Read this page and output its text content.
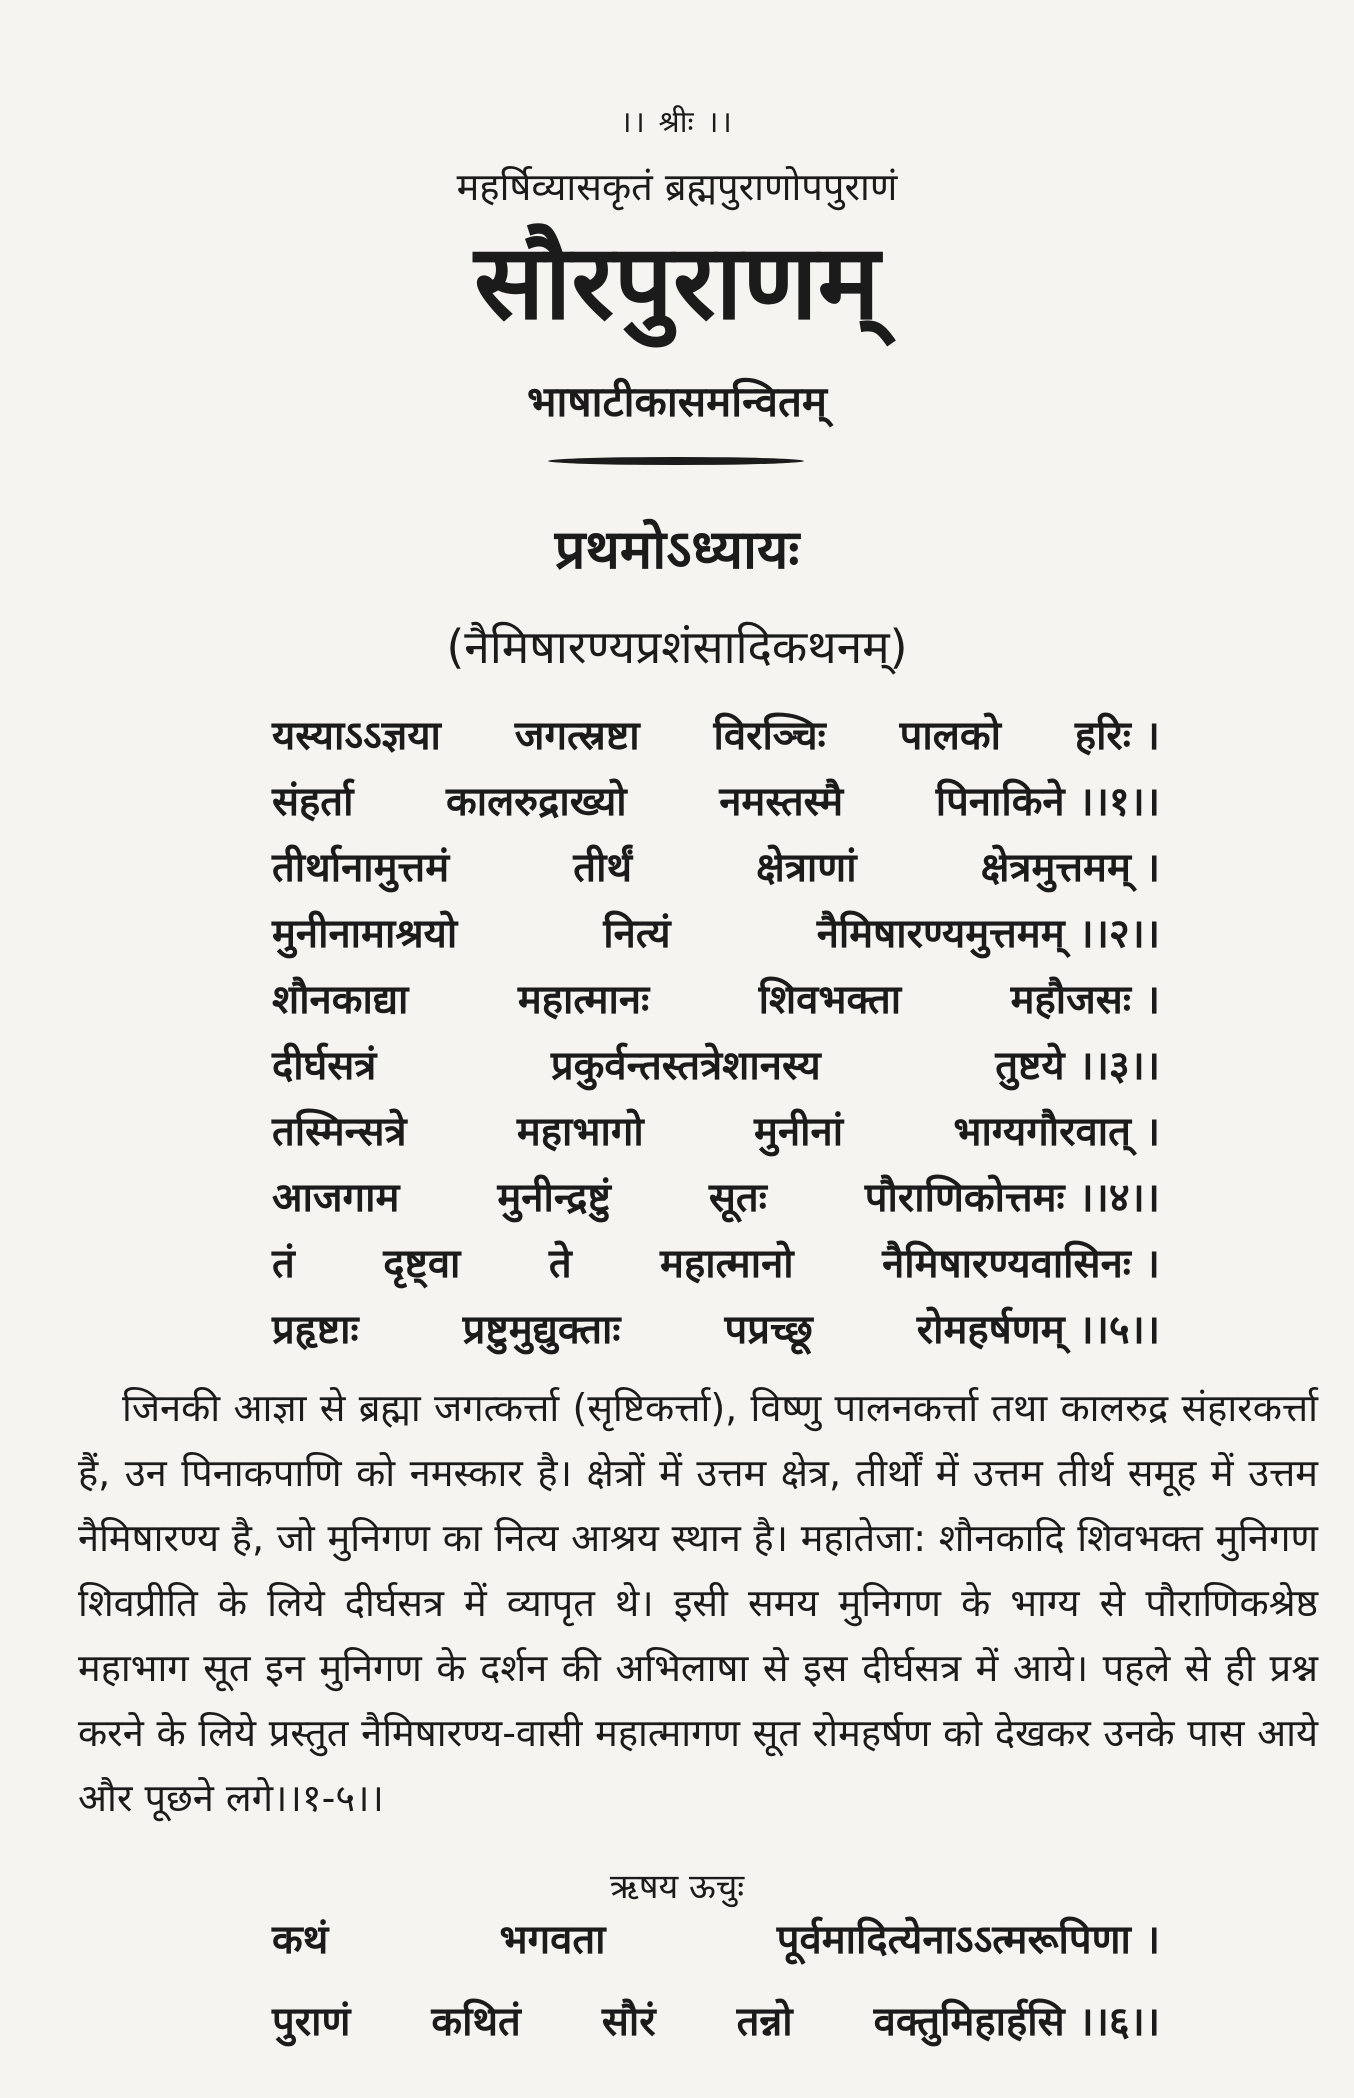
।। श्रीः ।।
महर्षिव्यासकृतं ब्रह्मपुराणोपपुराणं
सौरपुराणम्
भाषाटीकासमन्वितम्
प्रथमोऽध्यायः
(नैमिषारण्यप्रशंसादिकथनम्)
यस्याऽऽज्ञया जगत्स्रष्टा विरञ्चिः पालको हरिः ।
संहर्ता कालरुद्राख्यो नमस्तस्मै पिनाकिने ।।१।।
तीर्थानामुत्तमं	तीर्थं	क्षेत्राणां	क्षेत्रमुत्तमम् ।
मुनीनामाश्रयो	नित्यं	नैमिषारण्यमुत्तमम् ।।२।।
शौनकाद्या	महात्मानः	शिवभक्ता	महौजसः ।
दीर्घसत्रं	प्रकुर्वन्तस्तत्रेशानस्य	तुष्टये ।।३।।
तस्मिन्सत्रे	महाभागो	मुनीनां	भाग्यगौरवात् ।
आजगाम मुनीन्द्रष्टुं सूतः पौराणिकोत्तमः ।।४।।
तं दृष्ट्वा ते महात्मानो नैमिषारण्यवासिनः ।
प्रहृष्टाः	प्रष्टुमुद्युक्ताः	पप्रच्छू	रोमहर्षणम् ।।५।।
जिनकी आज्ञा से ब्रह्मा जगत्कर्त्ता (सृष्टिकर्त्ता), विष्णु पालनकर्त्ता तथा कालरुद्र संहारकर्त्ता हैं, उन पिनाकपाणि को नमस्कार है। क्षेत्रों में उत्तम क्षेत्र, तीर्थों में उत्तम तीर्थ समूह में उत्तम नैमिषारण्य है, जो मुनिगण का नित्य आश्रय स्थान है। महातेजा: शौनकादि शिवभक्त मुनिगण शिवप्रीति के लिये दीर्घसत्र में व्यापृत थे। इसी समय मुनिगण के भाग्य से पौराणिकश्रेष्ठ महाभाग सूत इन मुनिगण के दर्शन की अभिलाषा से इस दीर्घसत्र में आये। पहले से ही प्रश्न करने के लिये प्रस्तुत नैमिषारण्य-वासी महात्मागण सूत रोमहर्षण को देखकर उनके पास आये और पूछने लगे।।१-५।।
ऋषय ऊचुः
कथं	भगवता	पूर्वमादित्येनाऽऽत्मरूपिणा ।
पुराणं कथितं सौरं तन्नो वक्तुमिहार्हसि ।।६।।
